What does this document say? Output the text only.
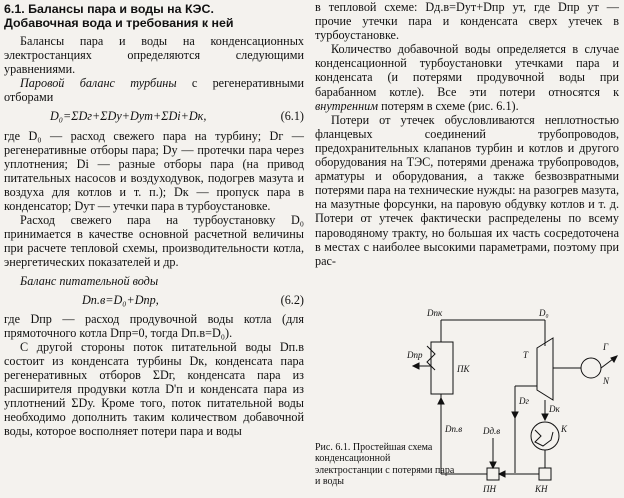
6.1. Балансы пара и воды на КЭС.
Добавочная вода и требования к ней

Балансы пара и воды на конденсационных электростанциях определяются следующими уравнениями.

Паровой баланс турбины с регенеративными отборами

D₀=ΣDг+ΣDу+Dут+ΣDi+Dк,	(6.1)

где D₀ — расход свежего пара на турбину; Dг — регенеративные отборы пара; Dу — протечки пара через уплотнения; Di — разные отборы пара (на привод питательных насосов и воздуходувок, подогрев мазута и воздуха для котлов и т. п.); Dк — пропуск пара в конденсатор; Dут — утечки пара в турбоустановке.

Расход свежего пара на турбоустановку D₀ принимается в качестве основной расчетной величины при расчете тепловой схемы, производительности котла, энергетических показателей и др.

Баланс питательной воды

Dп.в=D₀+Dпр,	(6.2)

где Dпр — расход продувочной воды котла (для прямоточного котла Dпр=0, тогда Dп.в=D₀).

С другой стороны поток питательной воды Dп.в состоит из конденсата турбины Dк, конденсата пара регенеративных отборов ΣDг, конденсата пара из расширителя продувки котла D'п и конденсата пара из уплотнений ΣDу. Кроме того, поток питательной воды необходимо дополнить таким количеством добавочной воды, которое восполняет потери пара и воды

в тепловой схеме: Dд.в=Dут+Dпр ут, где Dпр ут — прочие утечки пара и конденсата сверх утечек в турбоустановке.

Количество добавочной воды определяется в случае конденсационной турбоустановки утечками пара и конденсата (и потерями продувочной воды при барабанном котле). Все эти потери относятся к внутренним потерям в схеме (рис. 6.1).

Потери от утечек обусловливаются неплотностью фланцевых соединений трубопроводов, предохранительных клапанов турбин и котлов и другого оборудования на ТЭС, потерями дренажа трубопроводов, арматуры и оборудования, а также безвозвратными потерями пара на технические нужды: на разогрев мазута, на мазутные форсунки, на паровую обдувку котлов и т. д. Потери от утечек фактически распределены по всему пароводяному тракту, но большая их часть сосредоточена в местах с наиболее высокими параметрами, поэтому при рас-

Dпк	D₀
Dпр
ПК
Т
Г
N
Dп.в
Dг
Dк
К
Dд.в
ПН	КН
Рис. 6.1. Простейшая схема конденсационной электростанции с потерями пара и воды
